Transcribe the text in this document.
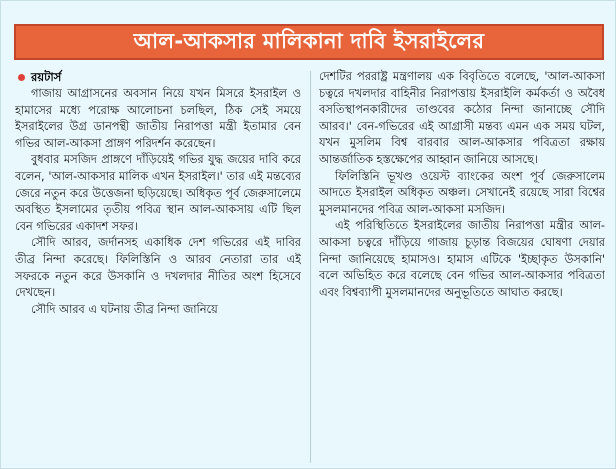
আল-আকসার মালিকানা দাবি ইসরাইলের
রয়টার্স

গাজায় আগ্রাসনের অবসান নিয়ে যখন মিসরে ইসরাইল ও হামাসের মধ্যে পরোক্ষ আলোচনা চলছিল, ঠিক সেই সময়ে ইসরাইলের উগ্র ডানপন্থী জাতীয় নিরাপত্তা মন্ত্রী ইতামার বেন গভির আল-আকসা প্রাঙ্গণ পরিদর্শন করেছেন।

বুধবার মসজিদ প্রাঙ্গণে দাঁড়িয়েই গভির যুদ্ধ জয়ের দাবি করে বলেন, 'আল-আকসার মালিক এখন ইসরাইল।' তার এই মন্তব্যের জেরে নতুন করে উত্তেজনা ছড়িয়েছে। অধিকৃত পূর্ব জেরুসালেমে অবস্থিত ইসলামের তৃতীয় পবিত্র স্থান আল-আকসায় এটি ছিল বেন গভিরের একাদশ সফর।

সৌদি আরব, জর্দানসহ একাধিক দেশ গভিরের এই দাবির তীব্র নিন্দা করেছে। ফিলিস্তিনি ও আরব নেতারা তার এই সফরকে নতুন করে উসকানি ও দখলদার নীতির অংশ হিসেবে দেখছেন।

সৌদি আরব এ ঘটনায় তীব্র নিন্দা জানিয়ে

দেশটির পররাষ্ট্র মন্ত্রণালয় এক বিবৃতিতে বলেছে, 'আল-আকসা চত্বরে দখলদার বাহিনীর নিরাপত্তায় ইসরাইলি কর্মকর্তা ও অবৈধ বসতিস্থাপনকারীদের তাণ্ডবের কঠোর নিন্দা জানাচ্ছে সৌদি আরব।' বেন-গভিরের এই আগ্রাসী মন্তব্য এমন এক সময় ঘটল, যখন মুসলিম বিশ্ব বারবার আল-আকসার পবিত্রতা রক্ষায় আন্তর্জাতিক হস্তক্ষেপের আহ্বান জানিয়ে আসছে।

ফিলিস্তিনি ভূখণ্ড ওয়েস্ট ব্যাংকের অংশ পূর্ব জেরুসালেম আদতে ইসরাইল অধিকৃত অঞ্চল। সেখানেই রয়েছে সারা বিশ্বের মুসলমানদের পবিত্র আল-আকসা মসজিদ।

এই পরিস্থিতিতে ইসরাইলের জাতীয় নিরাপত্তা মন্ত্রীর আল-আকসা চত্বরে দাঁড়িয়ে গাজায় চূড়ান্ত বিজয়ের ঘোষণা দেয়ার নিন্দা জানিয়েছে হামাসও। হামাস এটিকে 'ইচ্ছাকৃত উসকানি' বলে অভিহিত করে বলেছে বেন গভির আল-আকসার পবিত্রতা এবং বিশ্বব্যাপী মুসলমানদের অনুভূতিতে আঘাত করছে।
